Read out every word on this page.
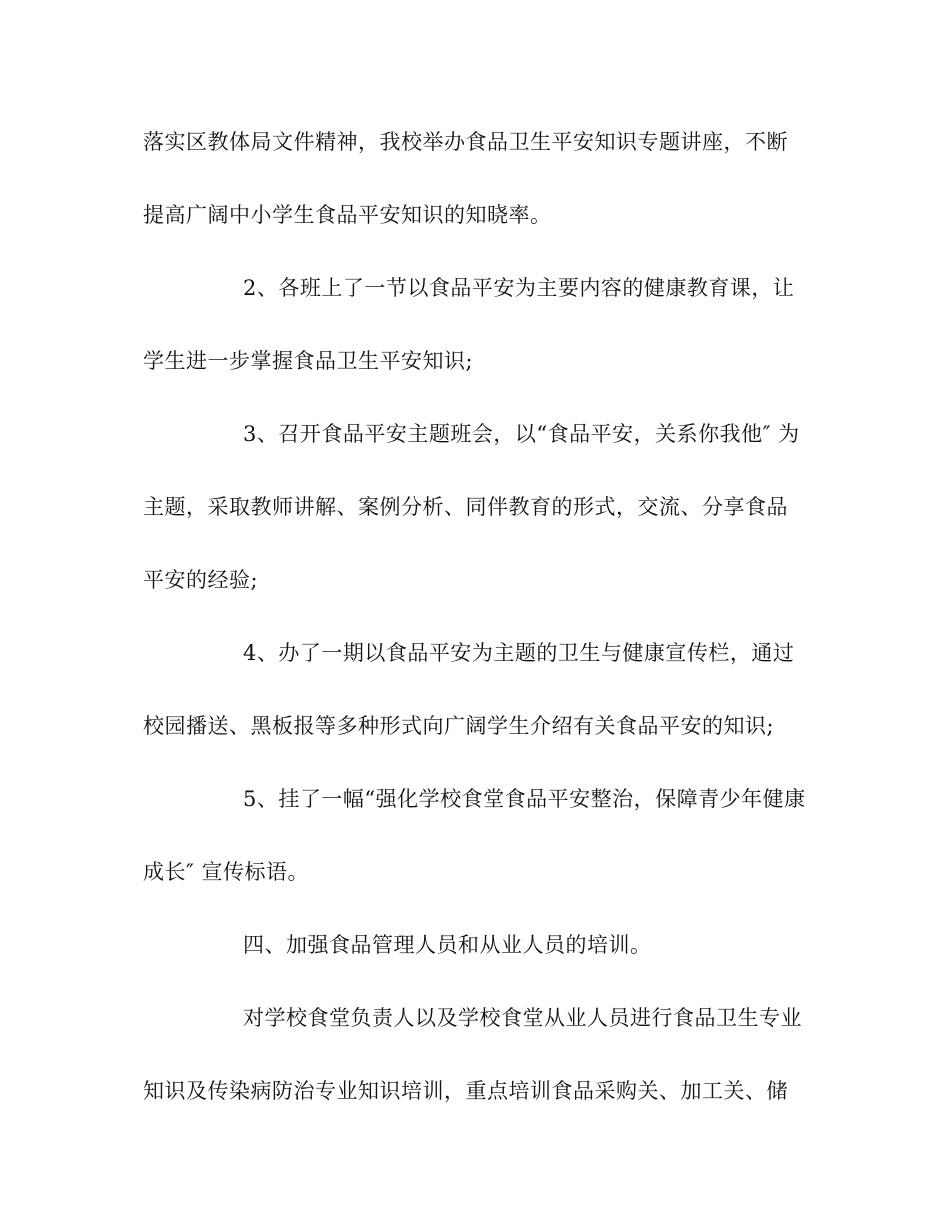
落实区教体局文件精神，我校举办食品卫生平安知识专题讲座，不断
提高广阔中小学生食品平安知识的知晓率。
2、各班上了一节以食品平安为主要内容的健康教育课，让
学生进一步掌握食品卫生平安知识;
3、召开食品平安主题班会，以“食品平安，关系你我他″ 为
主题，采取教师讲解、案例分析、同伴教育的形式，交流、分享食品
平安的经验;
4、办了一期以食品平安为主题的卫生与健康宣传栏，通过
校园播送、黑板报等多种形式向广阔学生介绍有关食品平安的知识;
5、挂了一幅“强化学校食堂食品平安整治，保障青少年健康
成长″ 宣传标语。
四、加强食品管理人员和从业人员的培训。
对学校食堂负责人以及学校食堂从业人员进行食品卫生专业
知识及传染病防治专业知识培训，重点培训食品采购关、加工关、储
